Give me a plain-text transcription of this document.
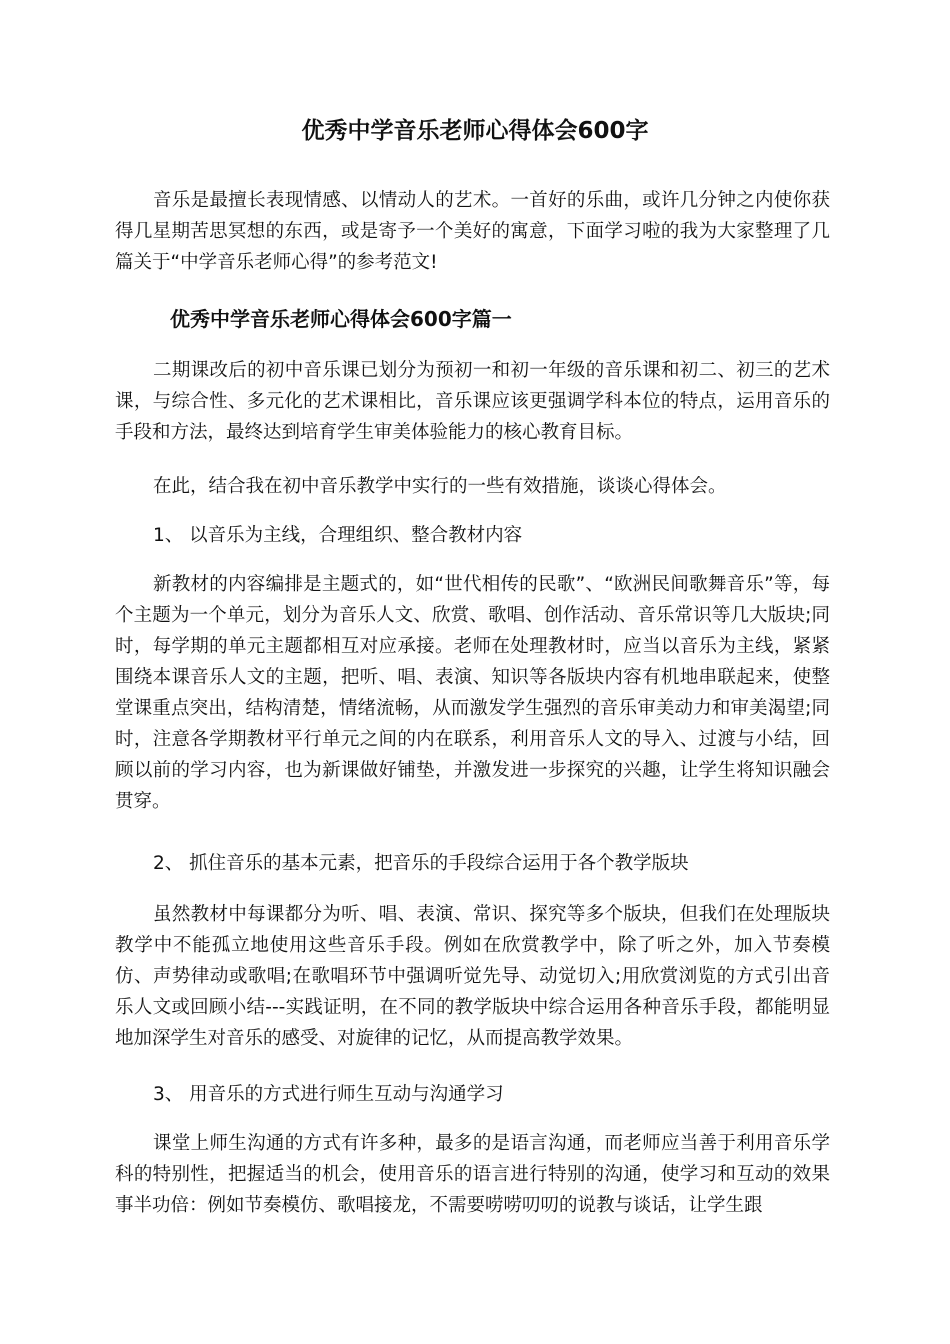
优秀中学音乐老师心得体会600字

音乐是最擅长表现情感、以情动人的艺术。一首好的乐曲，或许几分钟之内使你获得几星期苦思冥想的东西，或是寄予一个美好的寓意，下面学习啦的我为大家整理了几篇关于“中学音乐老师心得”的参考范文!

优秀中学音乐老师心得体会600字篇一

二期课改后的初中音乐课已划分为预初一和初一年级的音乐课和初二、初三的艺术课，与综合性、多元化的艺术课相比，音乐课应该更强调学科本位的特点，运用音乐的手段和方法，最终达到培育学生审美体验能力的核心教育目标。

在此，结合我在初中音乐教学中实行的一些有效措施，谈谈心得体会。

1、 以音乐为主线，合理组织、整合教材内容

新教材的内容编排是主题式的，如“世代相传的民歌”、“欧洲民间歌舞音乐”等，每个主题为一个单元，划分为音乐人文、欣赏、歌唱、创作活动、音乐常识等几大版块;同时，每学期的单元主题都相互对应承接。老师在处理教材时，应当以音乐为主线，紧紧围绕本课音乐人文的主题，把听、唱、表演、知识等各版块内容有机地串联起来，使整堂课重点突出，结构清楚，情绪流畅，从而激发学生强烈的音乐审美动力和审美渴望;同时，注意各学期教材平行单元之间的内在联系，利用音乐人文的导入、过渡与小结，回顾以前的学习内容，也为新课做好铺垫，并激发进一步探究的兴趣，让学生将知识融会贯穿。

2、 抓住音乐的基本元素，把音乐的手段综合运用于各个教学版块

虽然教材中每课都分为听、唱、表演、常识、探究等多个版块，但我们在处理版块教学中不能孤立地使用这些音乐手段。例如在欣赏教学中，除了听之外，加入节奏模仿、声势律动或歌唱;在歌唱环节中强调听觉先导、动觉切入;用欣赏浏览的方式引出音乐人文或回顾小结---实践证明，在不同的教学版块中综合运用各种音乐手段，都能明显地加深学生对音乐的感受、对旋律的记忆，从而提高教学效果。

3、 用音乐的方式进行师生互动与沟通学习

课堂上师生沟通的方式有许多种，最多的是语言沟通，而老师应当善于利用音乐学科的特别性，把握适当的机会，使用音乐的语言进行特别的沟通，使学习和互动的效果事半功倍：例如节奏模仿、歌唱接龙，不需要唠唠叨叨的说教与谈话，让学生跟
